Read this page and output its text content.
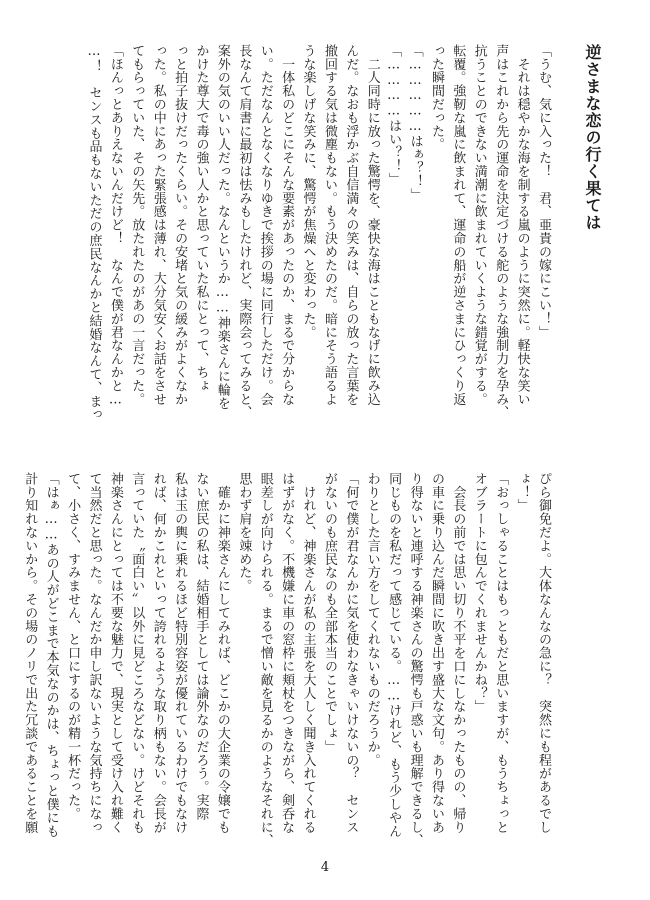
逆さまな恋の行く果ては
「うむ、気に入った！　君、亜貴の嫁にこい！」
　それは穏やかな海を制する嵐のように突然に。軽快な笑い
声はこれから先の運命を決定づける舵のような強制力を孕み、
抗うことのできない満潮に飲まれていくような錯覚がする。
転覆。強靭な嵐に飲まれて、運命の船が逆さまにひっくり返
った瞬間だった。
「……………はぁ？！」
「…………はい？！」
　二人同時に放った驚愕を、豪快な海はこともなげに飲み込
んだ。なおも浮かぶ自信満々の笑みは、自らの放った言葉を
撤回する気は微塵もない。もう決めたのだ。暗にそう語るよ
うな楽しげな笑みに、驚愕が焦燥へと変わった。
　一体私のどこにそんな要素があったのか、まるで分からな
い。ただなんとなくなりゆきで挨拶の場に同行しただけ。会
長なんて肩書に最初は怯みもしたけれど、実際会ってみると、
案外の気のいい人だった。なんというか……神楽さんに輪を
かけた尊大で毒の強い人かと思っていた私にとって、ちょ
っと拍子抜けだったくらい。その安堵と気の緩みがよくなか
った。私の中にあった緊張感は薄れ、大分気安くお話をさせ
てもらっていた、その矢先。放たれたのがあの一言だった。
「ほんっとありえないんだけど！　なんで僕が君なんかと…
…！　センスも品もないただの庶民なんかと結婚なんて、まっ
ぴら御免だよ。大体なんなの急に？　突然にも程があるでし
ょ！」
「おっしゃることはもっともだと思いますが、もうちょっと
オブラートに包んでくれませんかね？」
　会長の前では思い切り不平を口にしなかったものの、帰り
の車に乗り込んだ瞬間に吹き出す盛大な文句。あり得ないあ
り得ないと連呼する神楽さんの驚愕も戸惑いも理解できるし、
同じものを私だって感じている。……けれど、もう少しやん
わりとした言い方をしてくれないものだろうか。
「何で僕が君なんかに気を使わなきゃいけないの？　センス
がないのも庶民なのも全部本当のことでしょ」
　けれど、神楽さんが私の主張を大人しく聞き入れてくれる
はずがなく。不機嫌に車の窓枠に頬杖をつきながら、剣呑な
眼差しが向けられる。まるで憎い敵を見るかのようなそれに、
思わず肩を竦めた。
　確かに神楽さんにしてみれば、どこかの大企業の令嬢でも
ない庶民の私は、結婚相手としては論外なのだろう。実際
私は玉の輿に乗れるほど特別容姿が優れているわけでもなけ
れば、何かこれといって誇れるような取り柄もない。会長が
言っていた〝面白い〟以外に見どころなどない。けどそれも
神楽さんにとっては不要な魅力で、現実として受け入れ難く
て当然だと思った。なんだか申し訳ないような気持ちになっ
て、小さく、すみません、と口にするのが精一杯だった。
「はぁ……あの人がどこまで本気なのかは、ちょっと僕にも
計り知れないから。その場のノリで出た冗談であることを願
4
